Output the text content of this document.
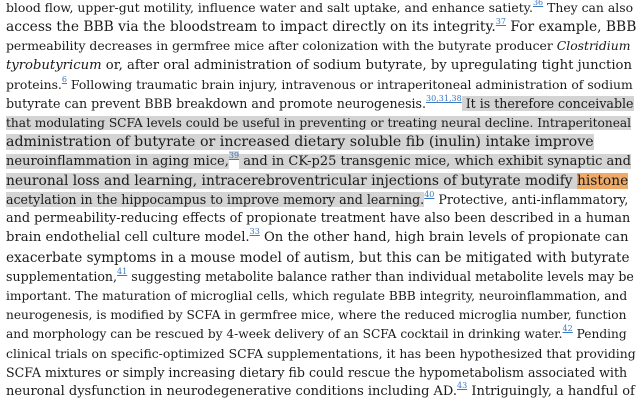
blood flow, upper-gut motility, influence water and salt uptake, and enhance satiety.$^{36}$ They can also
access the BBB via the bloodstream to impact directly on its integrity.$^{37}$ For example, BBB
permeability decreases in germfree mice after colonization with the butyrate producer Clostridium
tyrobutyricum or, after oral administration of sodium butyrate, by upregulating tight junction
proteins.$^6$ Following traumatic brain injury, intravenous or intraperitoneal administration of sodium
butyrate can prevent BBB breakdown and promote neurogenesis.$^{30,31,38}$ It is therefore conceivable
that modulating SCFA levels could be useful in preventing or treating neural decline. Intraperitoneal
administration of butyrate or increased dietary soluble fib (inulin) intake improve
neuroinflammation in aging mice,$^{39}$ and in CK-p25 transgenic mice, which exhibit synaptic and
neuronal loss and learning, intracerebroventricular injections of butyrate modify histone
acetylation in the hippocampus to improve memory and learning.$^{40}$ Protective, anti-inflammatory,
and permeability-reducing effects of propionate treatment have also been described in a human
brain endothelial cell culture model.$^{33}$ On the other hand, high brain levels of propionate can
exacerbate symptoms in a mouse model of autism, but this can be mitigated with butyrate
supplementation,$^{41}$ suggesting metabolite balance rather than individual metabolite levels may be
important. The maturation of microglial cells, which regulate BBB integrity, neuroinflammation, and
neurogenesis, is modified by SCFA in germfree mice, where the reduced microglia number, function
and morphology can be rescued by 4-week delivery of an SCFA cocktail in drinking water.$^{42}$ Pending
clinical trials on specific-optimized SCFA supplementations, it has been hypothesized that providing
SCFA mixtures or simply increasing dietary fib could rescue the hypometabolism associated with
neuronal dysfunction in neurodegenerative conditions including AD.$^{43}$ Intriguingly, a handful of
